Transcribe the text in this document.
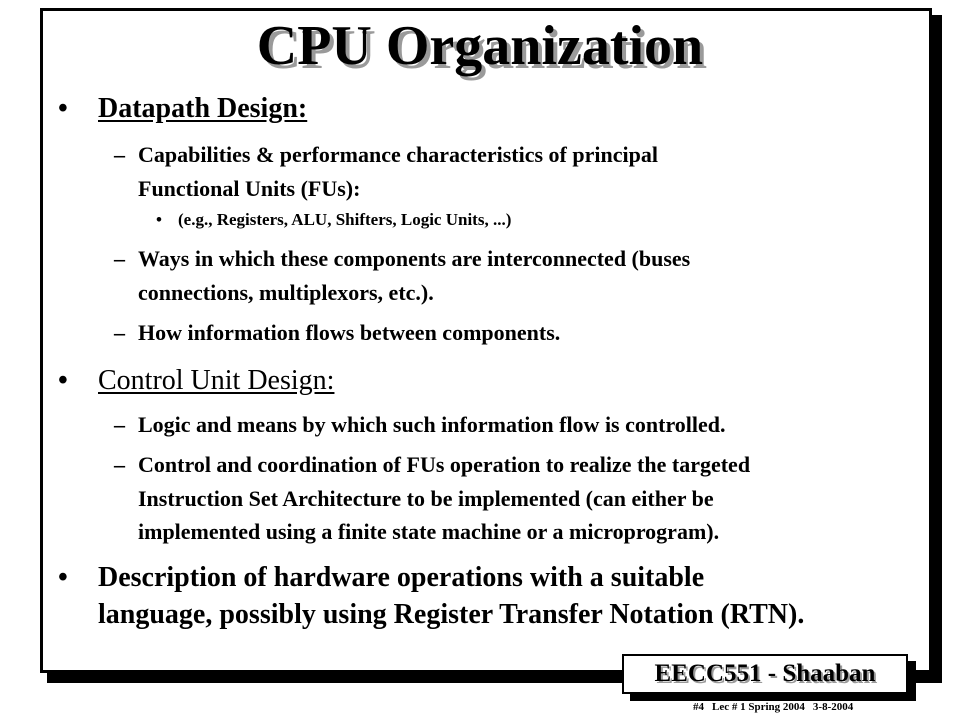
CPU Organization
• Datapath Design:
– Capabilities & performance characteristics of principal
Functional Units (FUs):
• (e.g., Registers, ALU, Shifters, Logic Units, ...)
– Ways in which these components are interconnected (buses
connections, multiplexors, etc.).
– How information flows between components.
• Control Unit Design:
– Logic and means by which such information flow is controlled.
– Control and coordination of FUs operation to realize the targeted
Instruction Set Architecture to be implemented (can either be
implemented using a finite state machine or a microprogram).
• Description of hardware operations with a suitable
language, possibly using Register Transfer Notation (RTN).
EECC551 - Shaaban
#4 Lec # 1 Spring 2004 3-8-2004
